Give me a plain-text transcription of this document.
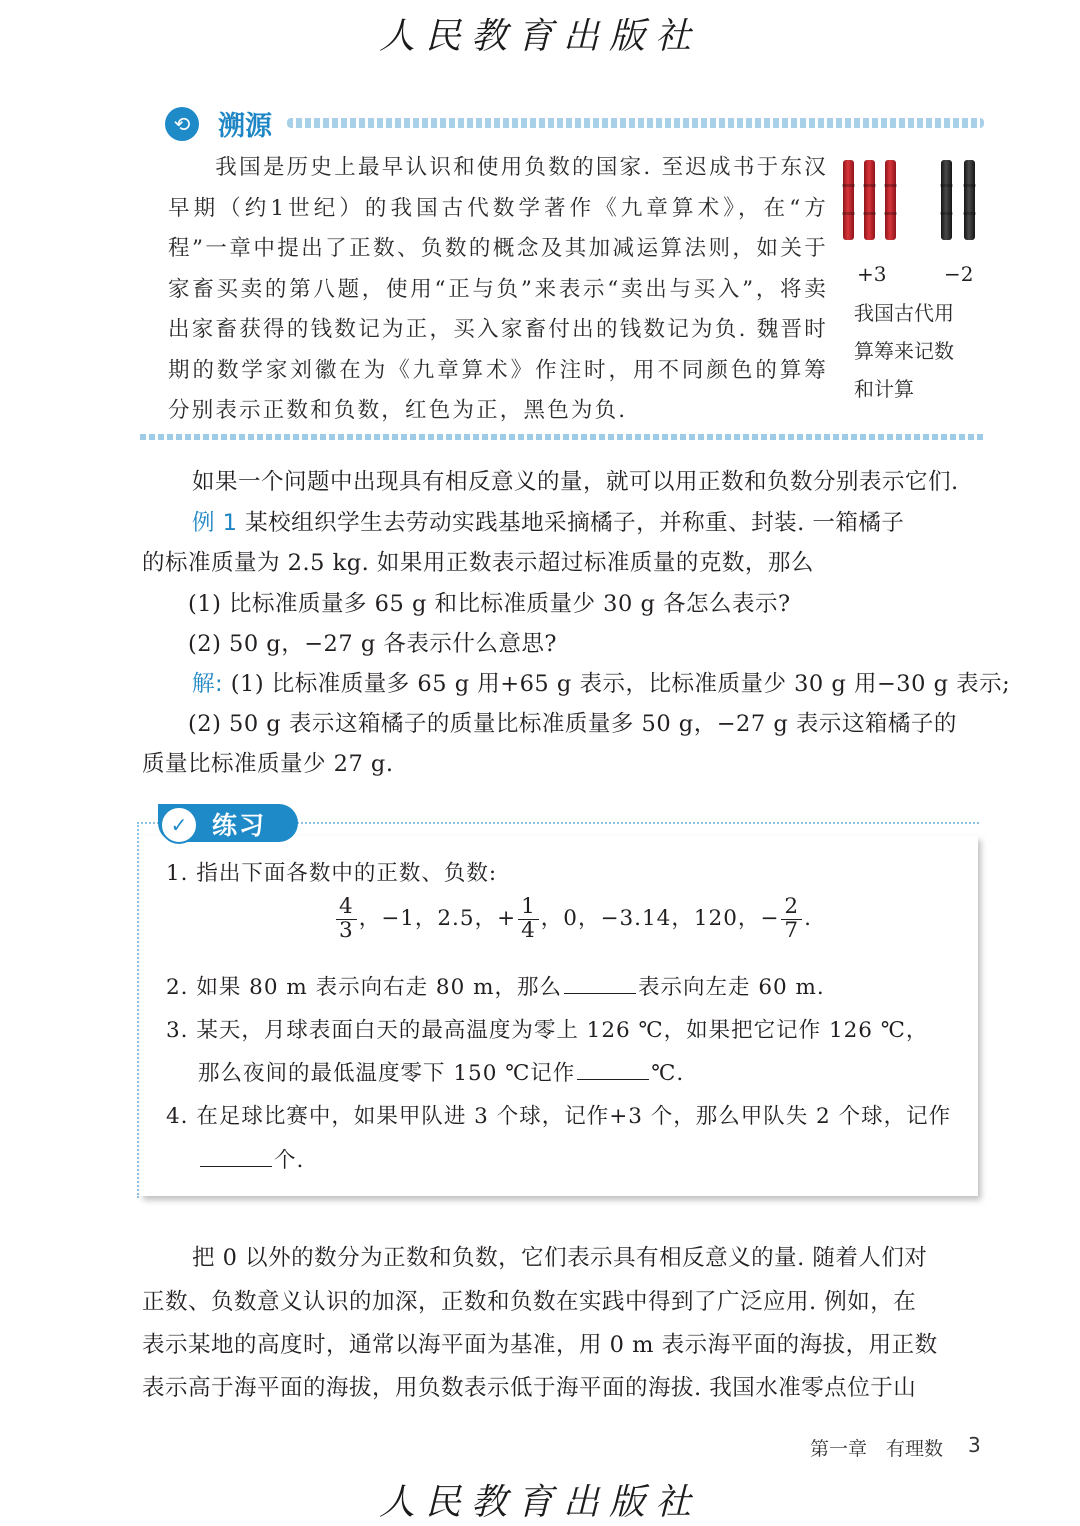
人民教育出版社
⟲	溯源

我国是历史上最早认识和使用负数的国家. 至迟成书于东汉早期（约1世纪）的我国古代数学著作《九章算术》，在“方程”一章中提出了正数、负数的概念及其加减运算法则，如关于家畜买卖的第八题，使用“正与负”来表示“卖出与买入”，将卖出家畜获得的钱数记为正，买入家畜付出的钱数记为负. 魏晋时期的数学家刘徽在为《九章算术》作注时，用不同颜色的算筹分别表示正数和负数，红色为正，黑色为负.

+3	−2
我国古代用
算筹来记数
和计算
如果一个问题中出现具有相反意义的量，就可以用正数和负数分别表示它们.
例 1 某校组织学生去劳动实践基地采摘橘子，并称重、封装. 一箱橘子
的标准质量为 2.5 kg. 如果用正数表示超过标准质量的克数，那么
(1) 比标准质量多 65 g 和比标准质量少 30 g 各怎么表示?
(2) 50 g，−27 g 各表示什么意思?
解: (1) 比标准质量多 65 g 用+65 g 表示，比标准质量少 30 g 用−30 g 表示;
(2) 50 g 表示这箱橘子的质量比标准质量多 50 g，−27 g 表示这箱橘子的
质量比标准质量少 27 g.
✓ 练习
1. 指出下面各数中的正数、负数:
$\frac{4}{3}$ ，−1，2.5，+ $\frac{1}{4}$ ，0，−3.14，120，− $\frac{2}{7}$ .
2. 如果 80 m 表示向右走 80 m，那么	表示向左走 60 m.
3. 某天，月球表面白天的最高温度为零上 126 ℃，如果把它记作 126 ℃，
那么夜间的最低温度零下 150 ℃记作	℃.
4. 在足球比赛中，如果甲队进 3 个球，记作+3 个，那么甲队失 2 个球，记作
个.
把 0 以外的数分为正数和负数，它们表示具有相反意义的量. 随着人们对
正数、负数意义认识的加深，正数和负数在实践中得到了广泛应用. 例如，在
表示某地的高度时，通常以海平面为基准，用 0 m 表示海平面的海拔，用正数
表示高于海平面的海拔，用负数表示低于海平面的海拔. 我国水准零点位于山
第一章　有理数 3
人民教育出版社
